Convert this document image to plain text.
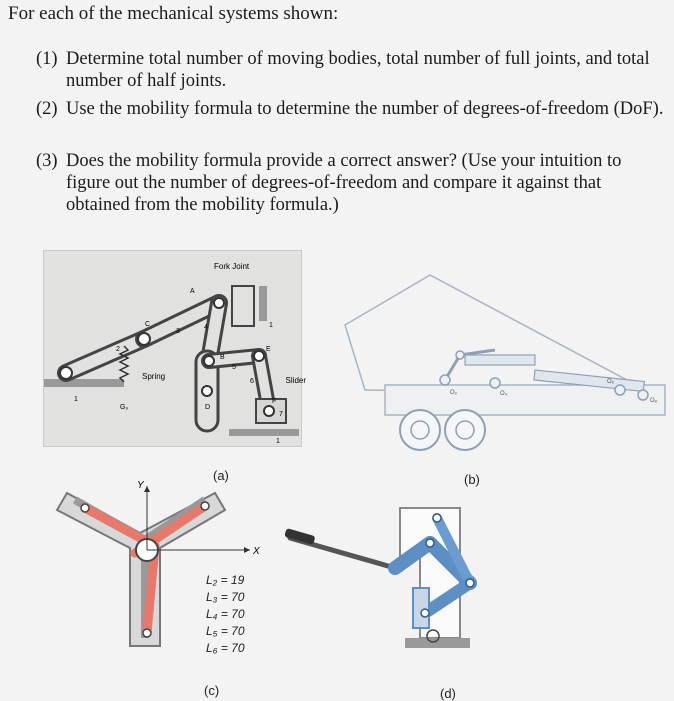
For each of the mechanical systems shown:
(1) Determine total number of moving bodies, total number of full joints, and total number of half joints.
(2) Use the mobility formula to determine the number of degrees-of-freedom (DoF).
(3) Does the mobility formula provide a correct answer? (Use your intuition to figure out the number of degrees-of-freedom and compare it against that obtained from the mobility formula.)
Fork Joint
Spring	Slider
A
B
C
D
E
F
G₀
2
3
4
5
6
7
1
1
1
(a)
O₂	O₄
O₆
O₈
(b)
X
Y
L₂ = 19
L₃ = 70
L₄ = 70
L₅ = 70
L₆ = 70
(c)	(d)
